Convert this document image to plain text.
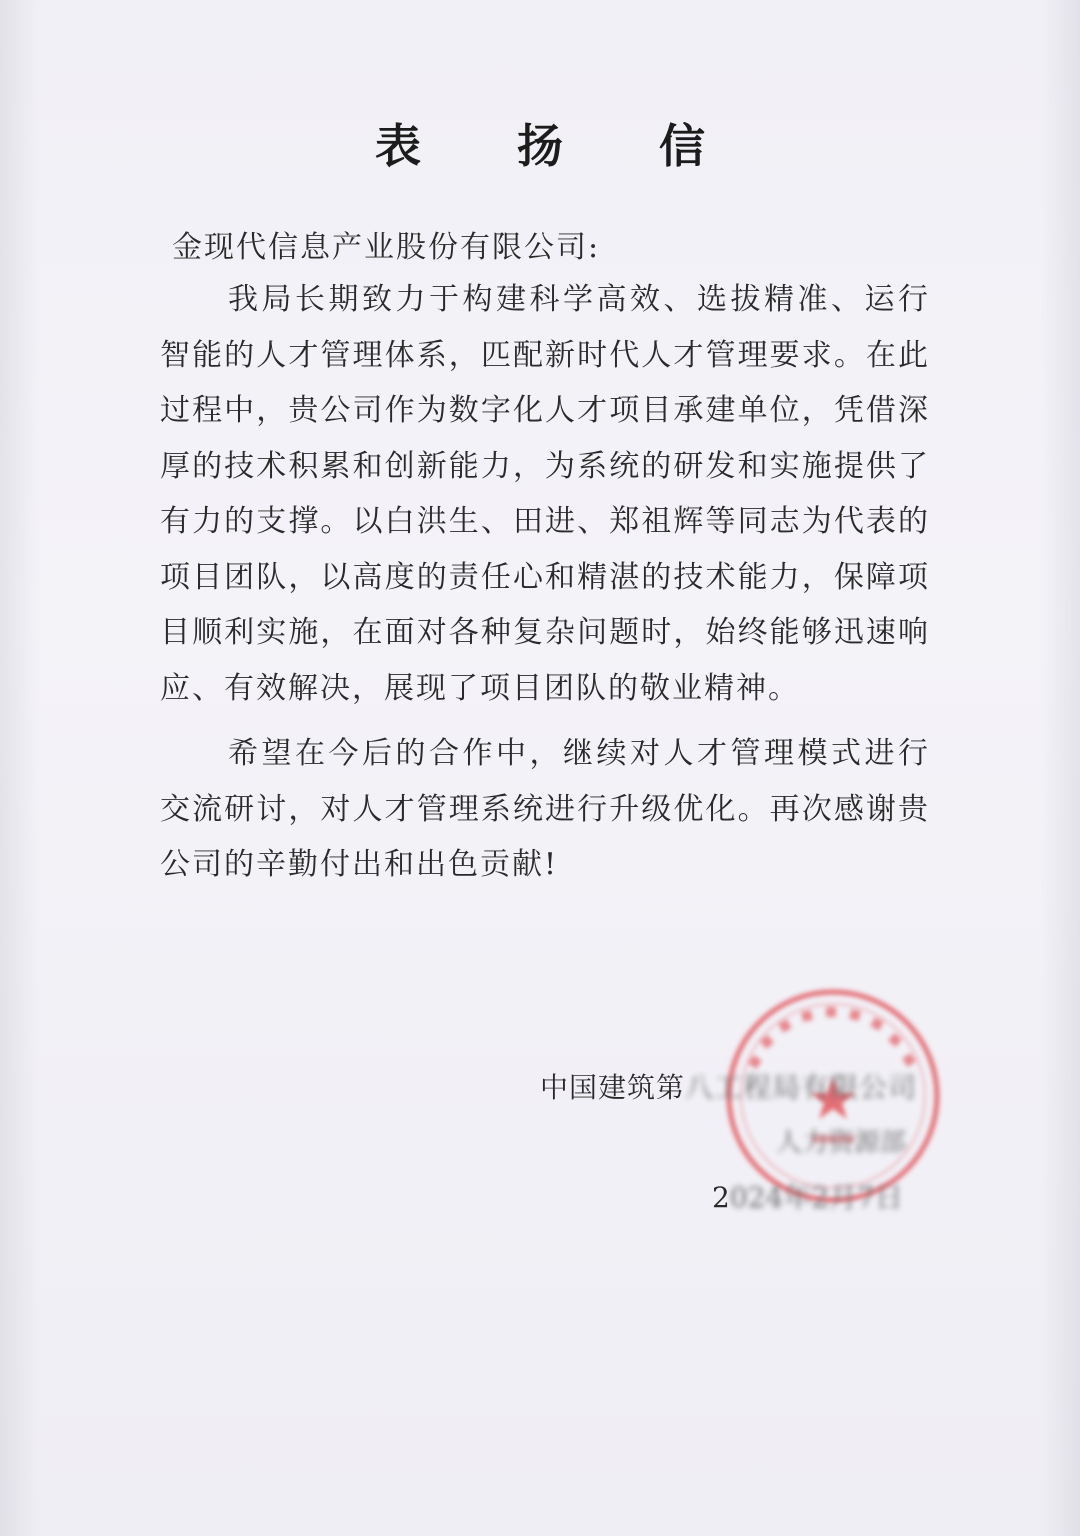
表 扬 信
金现代信息产业股份有限公司:

我局长期致力于构建科学高效、选拔精准、运行智能的人才管理体系，匹配新时代人才管理要求。在此过程中，贵公司作为数字化人才项目承建单位，凭借深厚的技术积累和创新能力，为系统的研发和实施提供了有力的支撑。以白洪生、田进、郑祖辉等同志为代表的项目团队，以高度的责任心和精湛的技术能力，保障项目顺利实施，在面对各种复杂问题时，始终能够迅速响应、有效解决，展现了项目团队的敬业精神。

希望在今后的合作中，继续对人才管理模式进行交流研讨，对人才管理系统进行升级优化。再次感谢贵公司的辛勤付出和出色贡献!

中国建筑第八工程局有限公司
人力资源部
2024年2月7日
